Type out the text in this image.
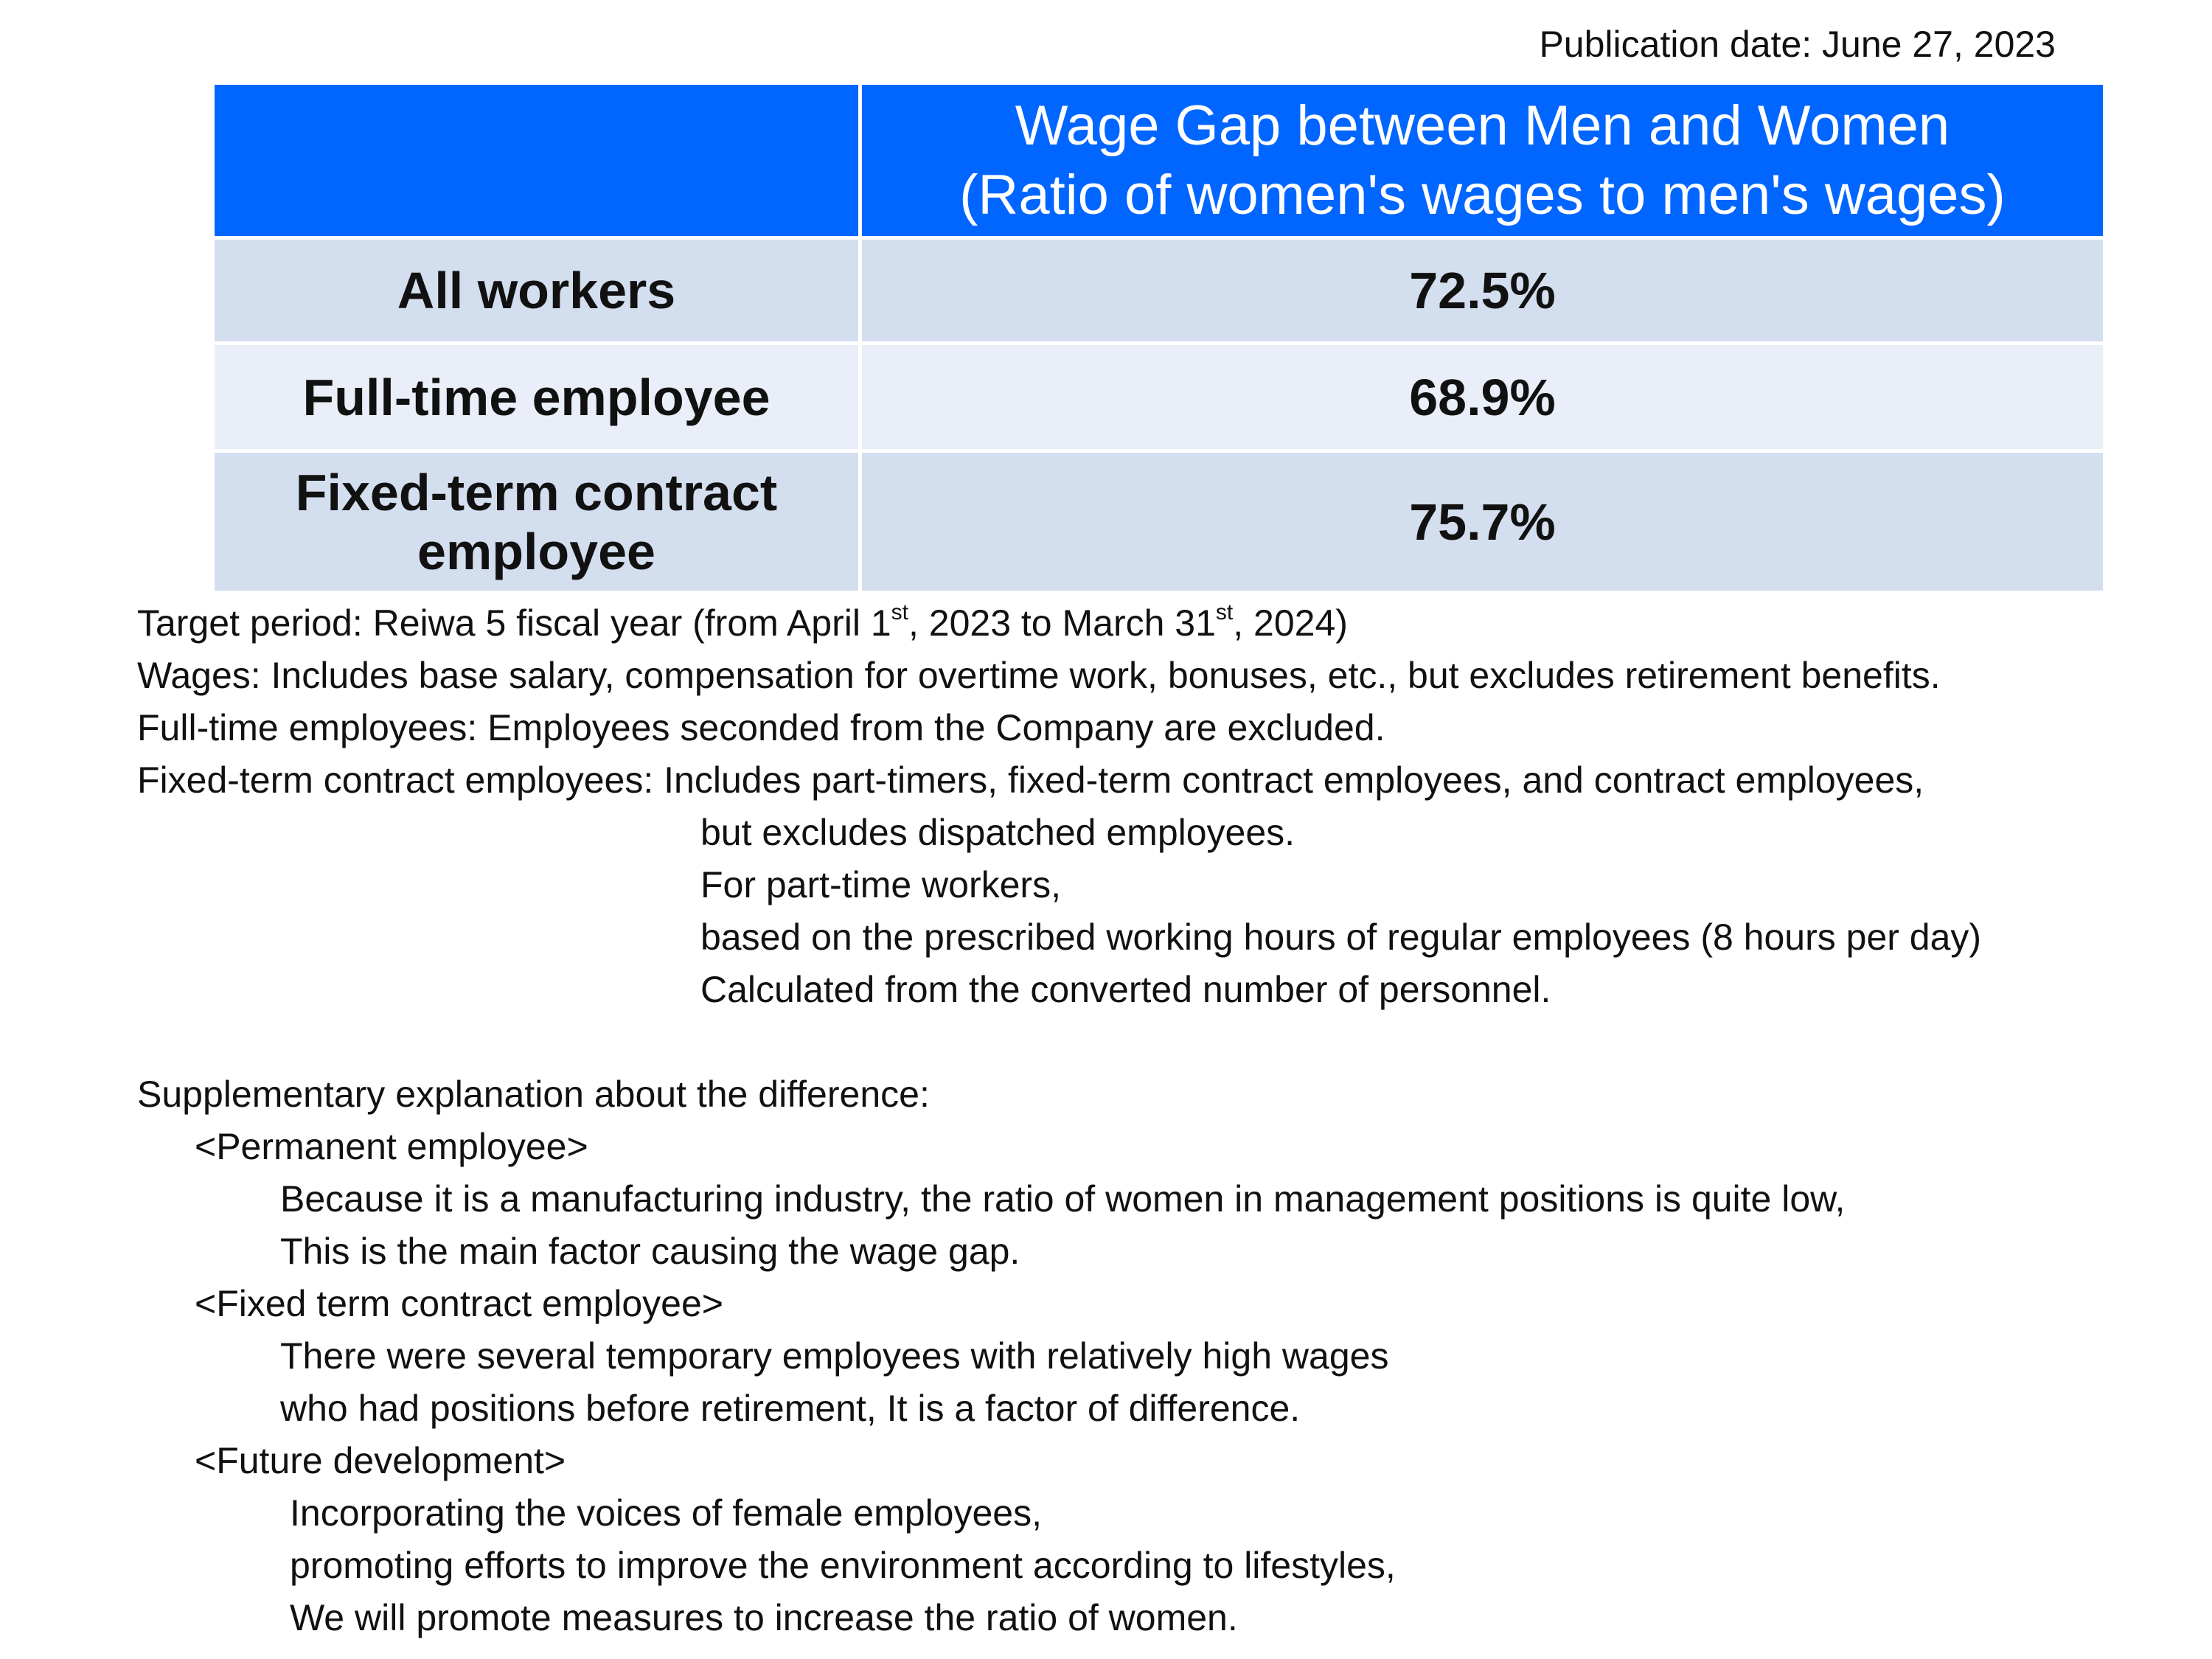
Publication date: June 27, 2023

	Wage Gap between Men and Women
(Ratio of women's wages to men's wages)

All workers	72.5%
Full-time employee	68.9%

Fixed-term contract
employee	75.7%
Target period: Reiwa 5 fiscal year (from April 1st, 2023 to March 31st, 2024)
Wages: Includes base salary, compensation for overtime work, bonuses, etc., but excludes retirement benefits.
Full-time employees: Employees seconded from the Company are excluded.
Fixed-term contract employees: Includes part-timers, fixed-term contract employees, and contract employees,
but excludes dispatched employees.
For part-time workers,
based on the prescribed working hours of regular employees (8 hours per day)
Calculated from the converted number of personnel.
Supplementary explanation about the difference:
<Permanent employee>
Because it is a manufacturing industry, the ratio of women in management positions is quite low,
This is the main factor causing the wage gap.
<Fixed term contract employee>
There were several temporary employees with relatively high wages
who had positions before retirement, It is a factor of difference.
<Future development>
Incorporating the voices of female employees,
promoting efforts to improve the environment according to lifestyles,
We will promote measures to increase the ratio of women.
